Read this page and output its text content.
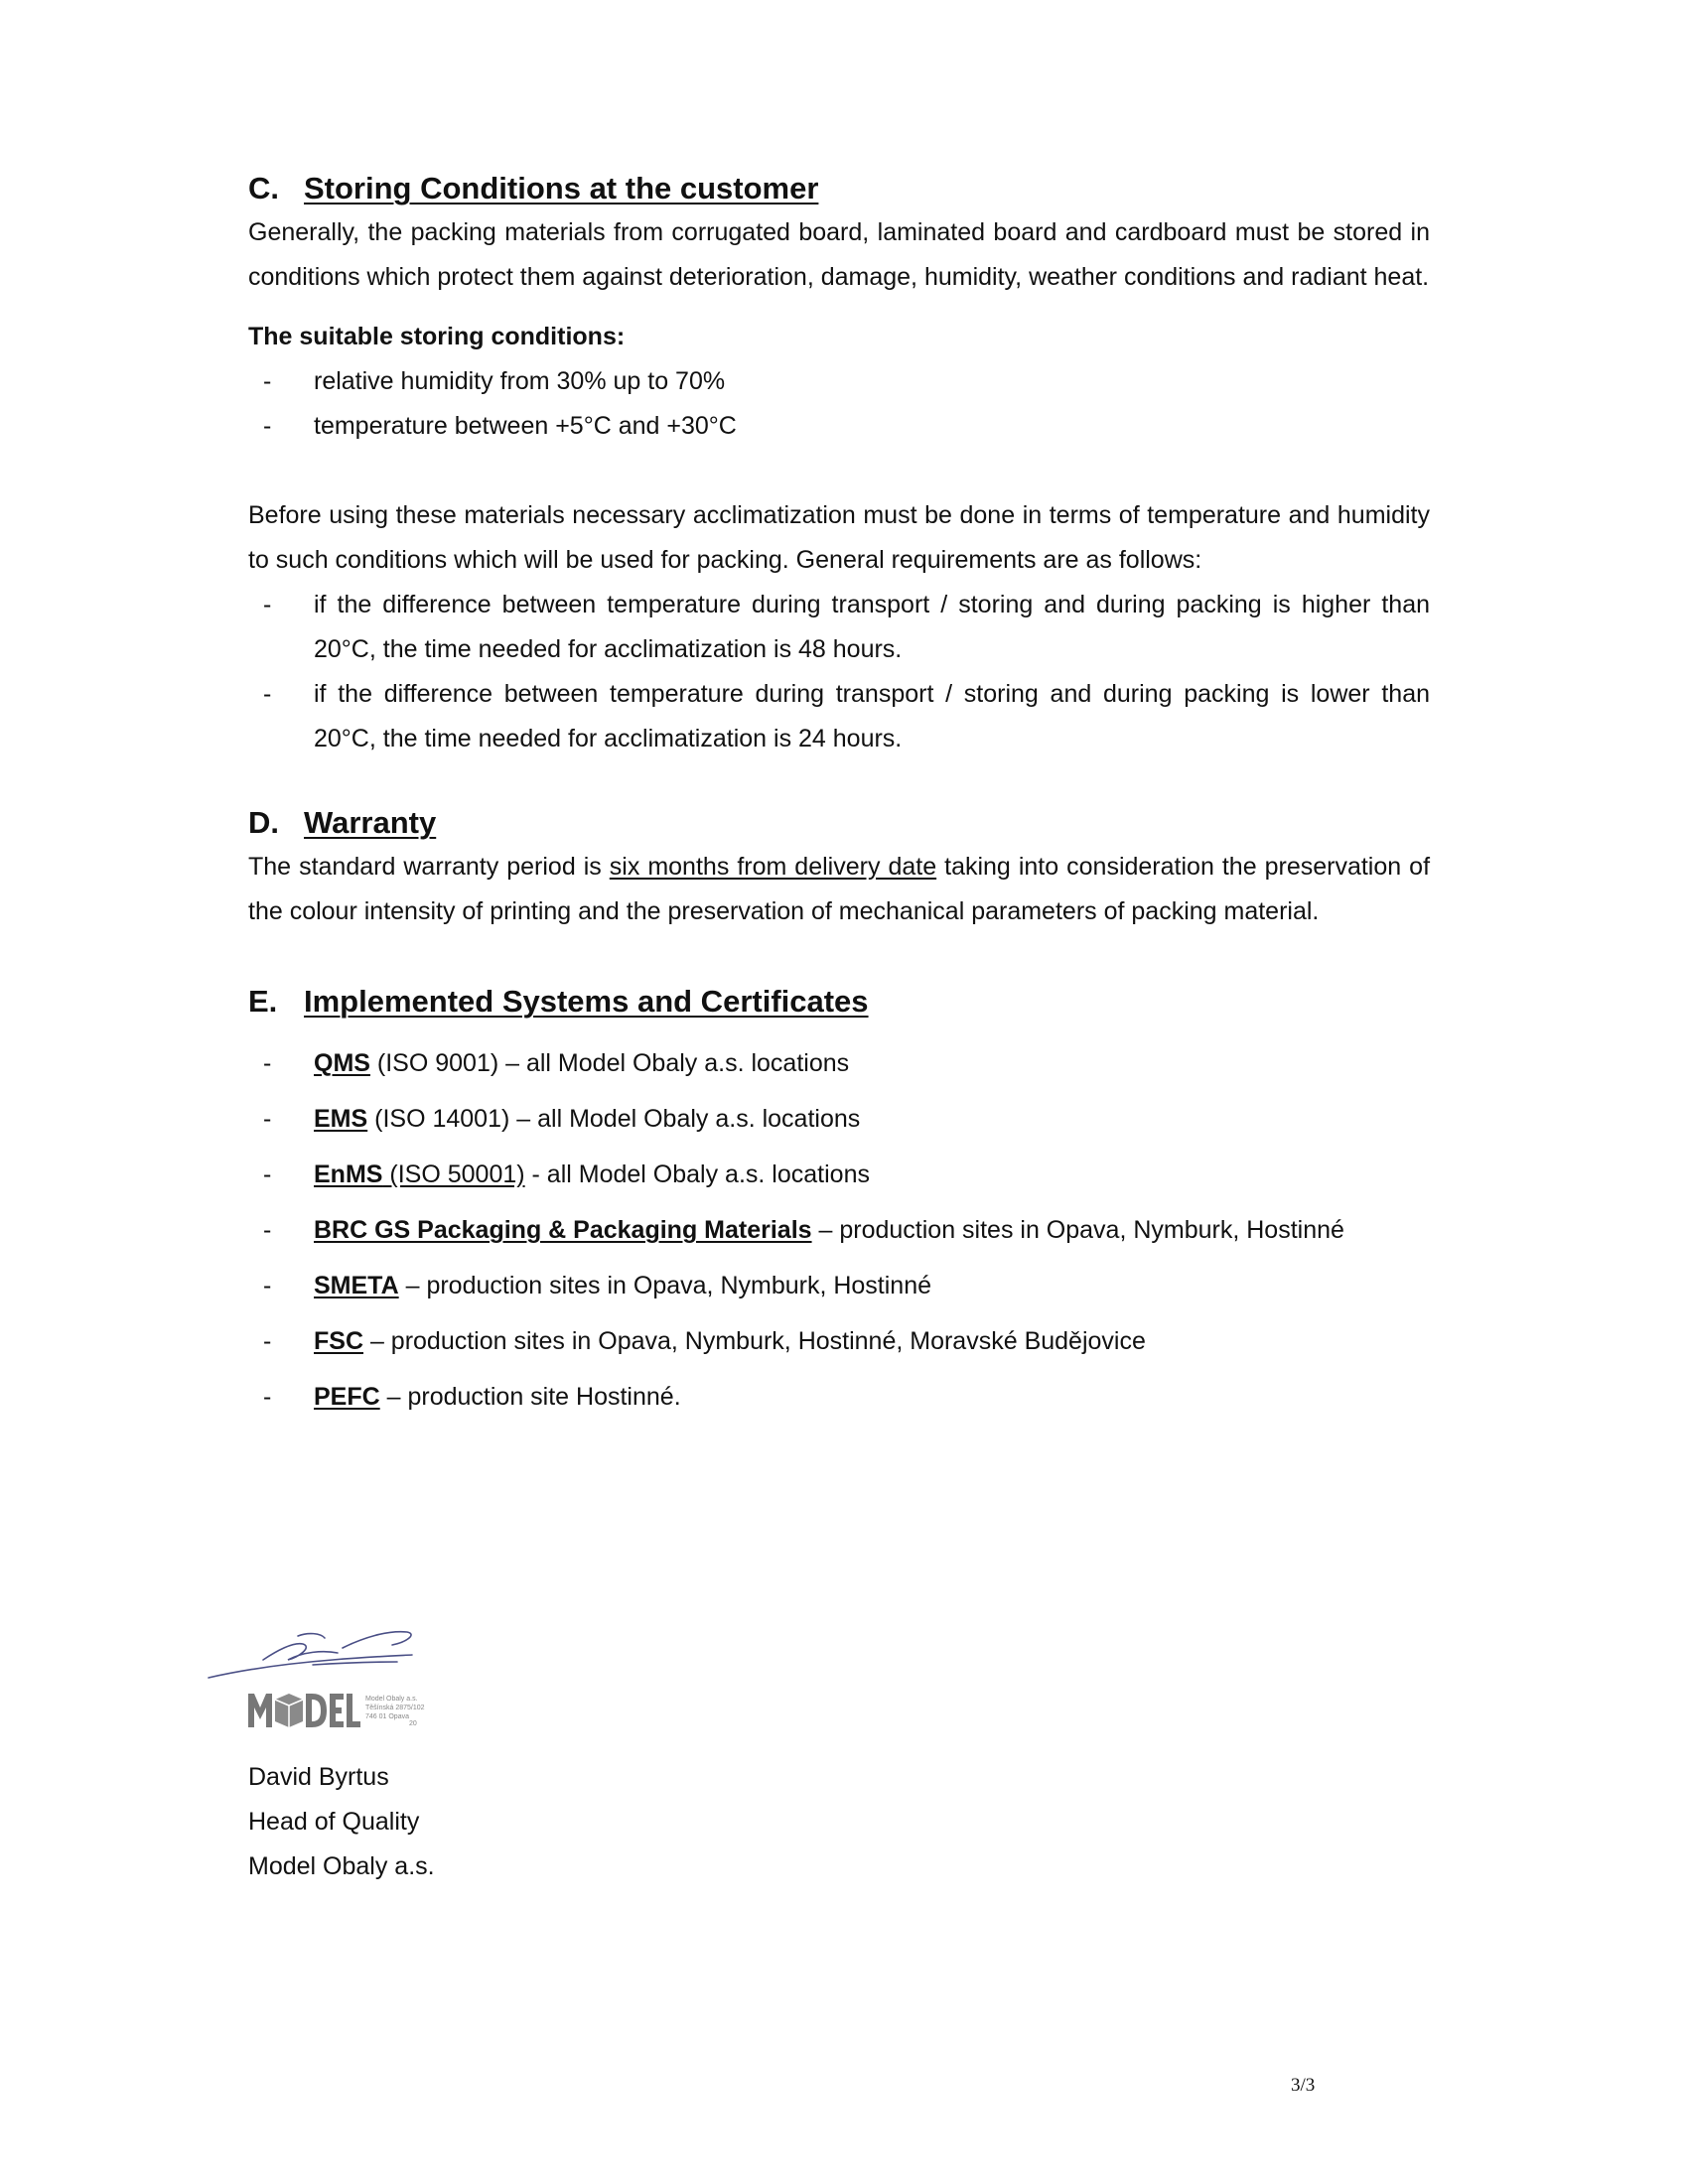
C. Storing Conditions at the customer

Generally, the packing materials from corrugated board, laminated board and cardboard must be stored in conditions which protect them against deterioration, damage, humidity, weather conditions and radiant heat.

The suitable storing conditions:

- relative humidity from 30% up to 70%
- temperature between +5°C and +30°C

Before using these materials necessary acclimatization must be done in terms of temperature and humidity to such conditions which will be used for packing. General requirements are as follows:

- if the difference between temperature during transport / storing and during packing is higher than 20°C, the time needed for acclimatization is 48 hours.
- if the difference between temperature during transport / storing and during packing is lower than 20°C, the time needed for acclimatization is 24 hours.
D. Warranty

The standard warranty period is six months from delivery date taking into consideration the preservation of the colour intensity of printing and the preservation of mechanical parameters of packing material.

E. Implemented Systems and Certificates
- QMS (ISO 9001) – all Model Obaly a.s. locations
- EMS (ISO 14001) – all Model Obaly a.s. locations
- EnMS (ISO 50001) - all Model Obaly a.s. locations
- BRC GS Packaging & Packaging Materials – production sites in Opava, Nymburk, Hostinné
- SMETA – production sites in Opava, Nymburk, Hostinné
- FSC – production sites in Opava, Nymburk, Hostinné, Moravské Budějovice
- PEFC – production site Hostinné.
Model Obaly a.s.
Těšínská 2875/102
746 01 Opava
20
David Byrtus
Head of Quality
Model Obaly a.s.
3/3
